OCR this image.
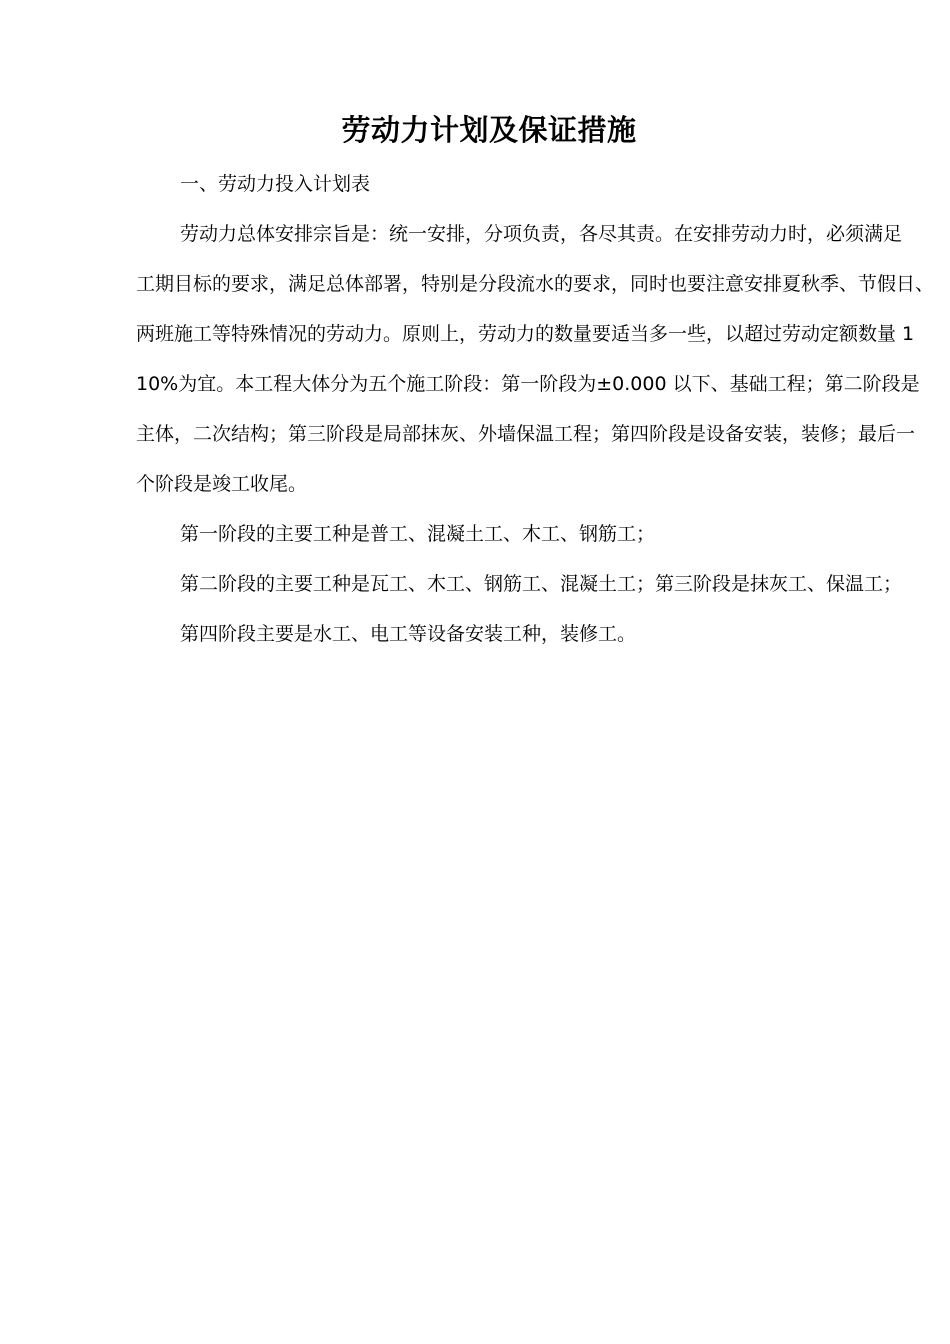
劳动力计划及保证措施
一、劳动力投入计划表
劳动力总体安排宗旨是：统一安排，分项负责，各尽其责。在安排劳动力时，必须满足
工期目标的要求，满足总体部署，特别是分段流水的要求，同时也要注意安排夏秋季、节假日、
两班施工等特殊情况的劳动力。原则上，劳动力的数量要适当多一些，以超过劳动定额数量 1
10%为宜。本工程大体分为五个施工阶段：第一阶段为±0.000 以下、基础工程；第二阶段是
主体，二次结构；第三阶段是局部抹灰、外墙保温工程；第四阶段是设备安装，装修；最后一
个阶段是竣工收尾。
第一阶段的主要工种是普工、混凝土工、木工、钢筋工；
第二阶段的主要工种是瓦工、木工、钢筋工、混凝土工；第三阶段是抹灰工、保温工；
第四阶段主要是水工、电工等设备安装工种，装修工。
